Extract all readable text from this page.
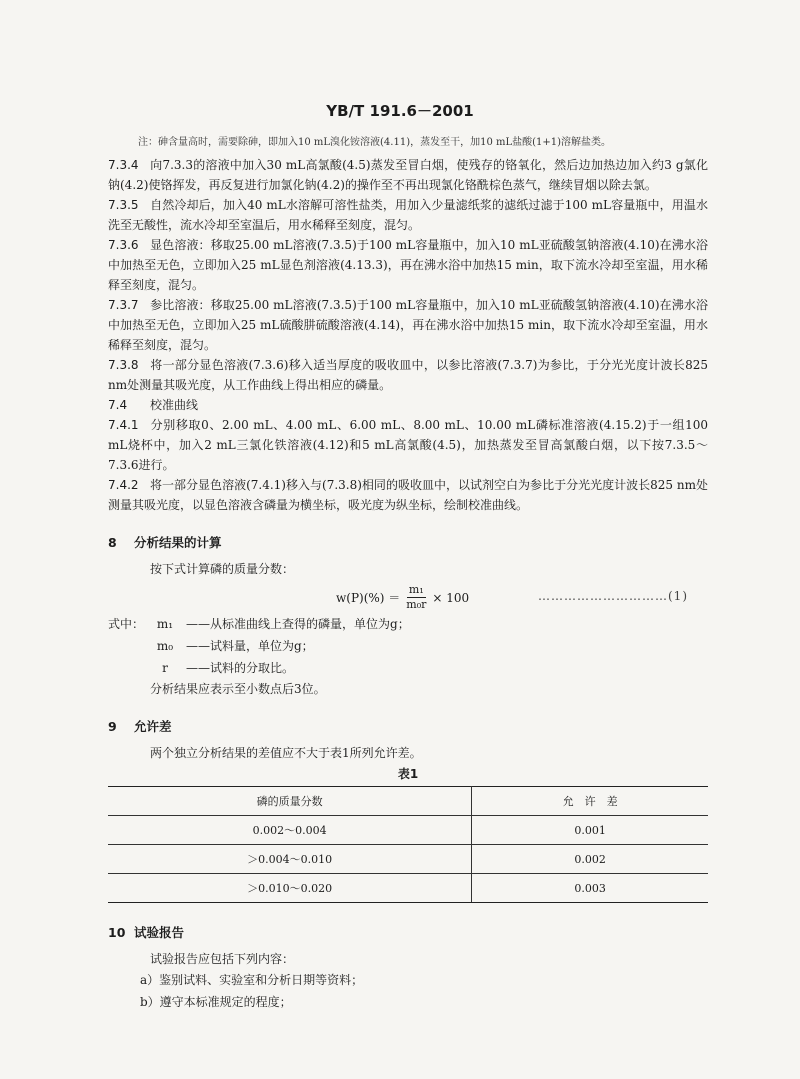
YB/T 191.6－2001

注：砷含量高时，需要除砷，即加入10 mL溴化铵溶液(4.11)，蒸发至干，加10 mL盐酸(1+1)溶解盐类。

7.3.4 向7.3.3的溶液中加入30 mL高氯酸(4.5)蒸发至冒白烟，使残存的铬氧化，然后边加热边加入约3 g氯化钠(4.2)使铬挥发，再反复进行加氯化钠(4.2)的操作至不再出现氯化铬酰棕色蒸气，继续冒烟以除去氯。

7.3.5 自然冷却后，加入40 mL水溶解可溶性盐类，用加入少量滤纸浆的滤纸过滤于100 mL容量瓶中，用温水洗至无酸性，流水冷却至室温后，用水稀释至刻度，混匀。

7.3.6 显色溶液：移取25.00 mL溶液(7.3.5)于100 mL容量瓶中，加入10 mL亚硫酸氢钠溶液(4.10)在沸水浴中加热至无色，立即加入25 mL显色剂溶液(4.13.3)，再在沸水浴中加热15 min，取下流水冷却至室温，用水稀释至刻度，混匀。

7.3.7 参比溶液：移取25.00 mL溶液(7.3.5)于100 mL容量瓶中，加入10 mL亚硫酸氢钠溶液(4.10)在沸水浴中加热至无色，立即加入25 mL硫酸肼硫酸溶液(4.14)，再在沸水浴中加热15 min，取下流水冷却至室温，用水稀释至刻度，混匀。

7.3.8 将一部分显色溶液(7.3.6)移入适当厚度的吸收皿中，以参比溶液(7.3.7)为参比，于分光光度计波长825 nm处测量其吸光度，从工作曲线上得出相应的磷量。

7.4 校准曲线

7.4.1 分别移取0、2.00 mL、4.00 mL、6.00 mL、8.00 mL、10.00 mL磷标准溶液(4.15.2)于一组100 mL烧杯中，加入2 mL三氯化铁溶液(4.12)和5 mL高氯酸(4.5)，加热蒸发至冒高氯酸白烟，以下按7.3.5～7.3.6进行。

7.4.2 将一部分显色溶液(7.4.1)移入与(7.3.8)相同的吸收皿中，以试剂空白为参比于分光光度计波长825 nm处测量其吸光度，以显色溶液含磷量为横坐标，吸光度为纵坐标，绘制校准曲线。

8 分析结果的计算

按下式计算磷的质量分数：

$w(P)(\%) = \frac{\text{m₁}}{\text{m₀r}} \times 100$	…………………………(1)

式中： m₁ ——从标准曲线上查得的磷量，单位为g；

m₀ ——试料量，单位为g；

r ——试料的分取比。

分析结果应表示至小数点后3位。

9 允许差

两个独立分析结果的差值应不大于表1所列允许差。

表1

磷的质量分数	允　许　差
0.002～0.004	0.001
＞0.004～0.010	0.002
＞0.010～0.020	0.003

10 试验报告

试验报告应包括下列内容：

a）鉴别试料、实验室和分析日期等资料；

b）遵守本标准规定的程度；
